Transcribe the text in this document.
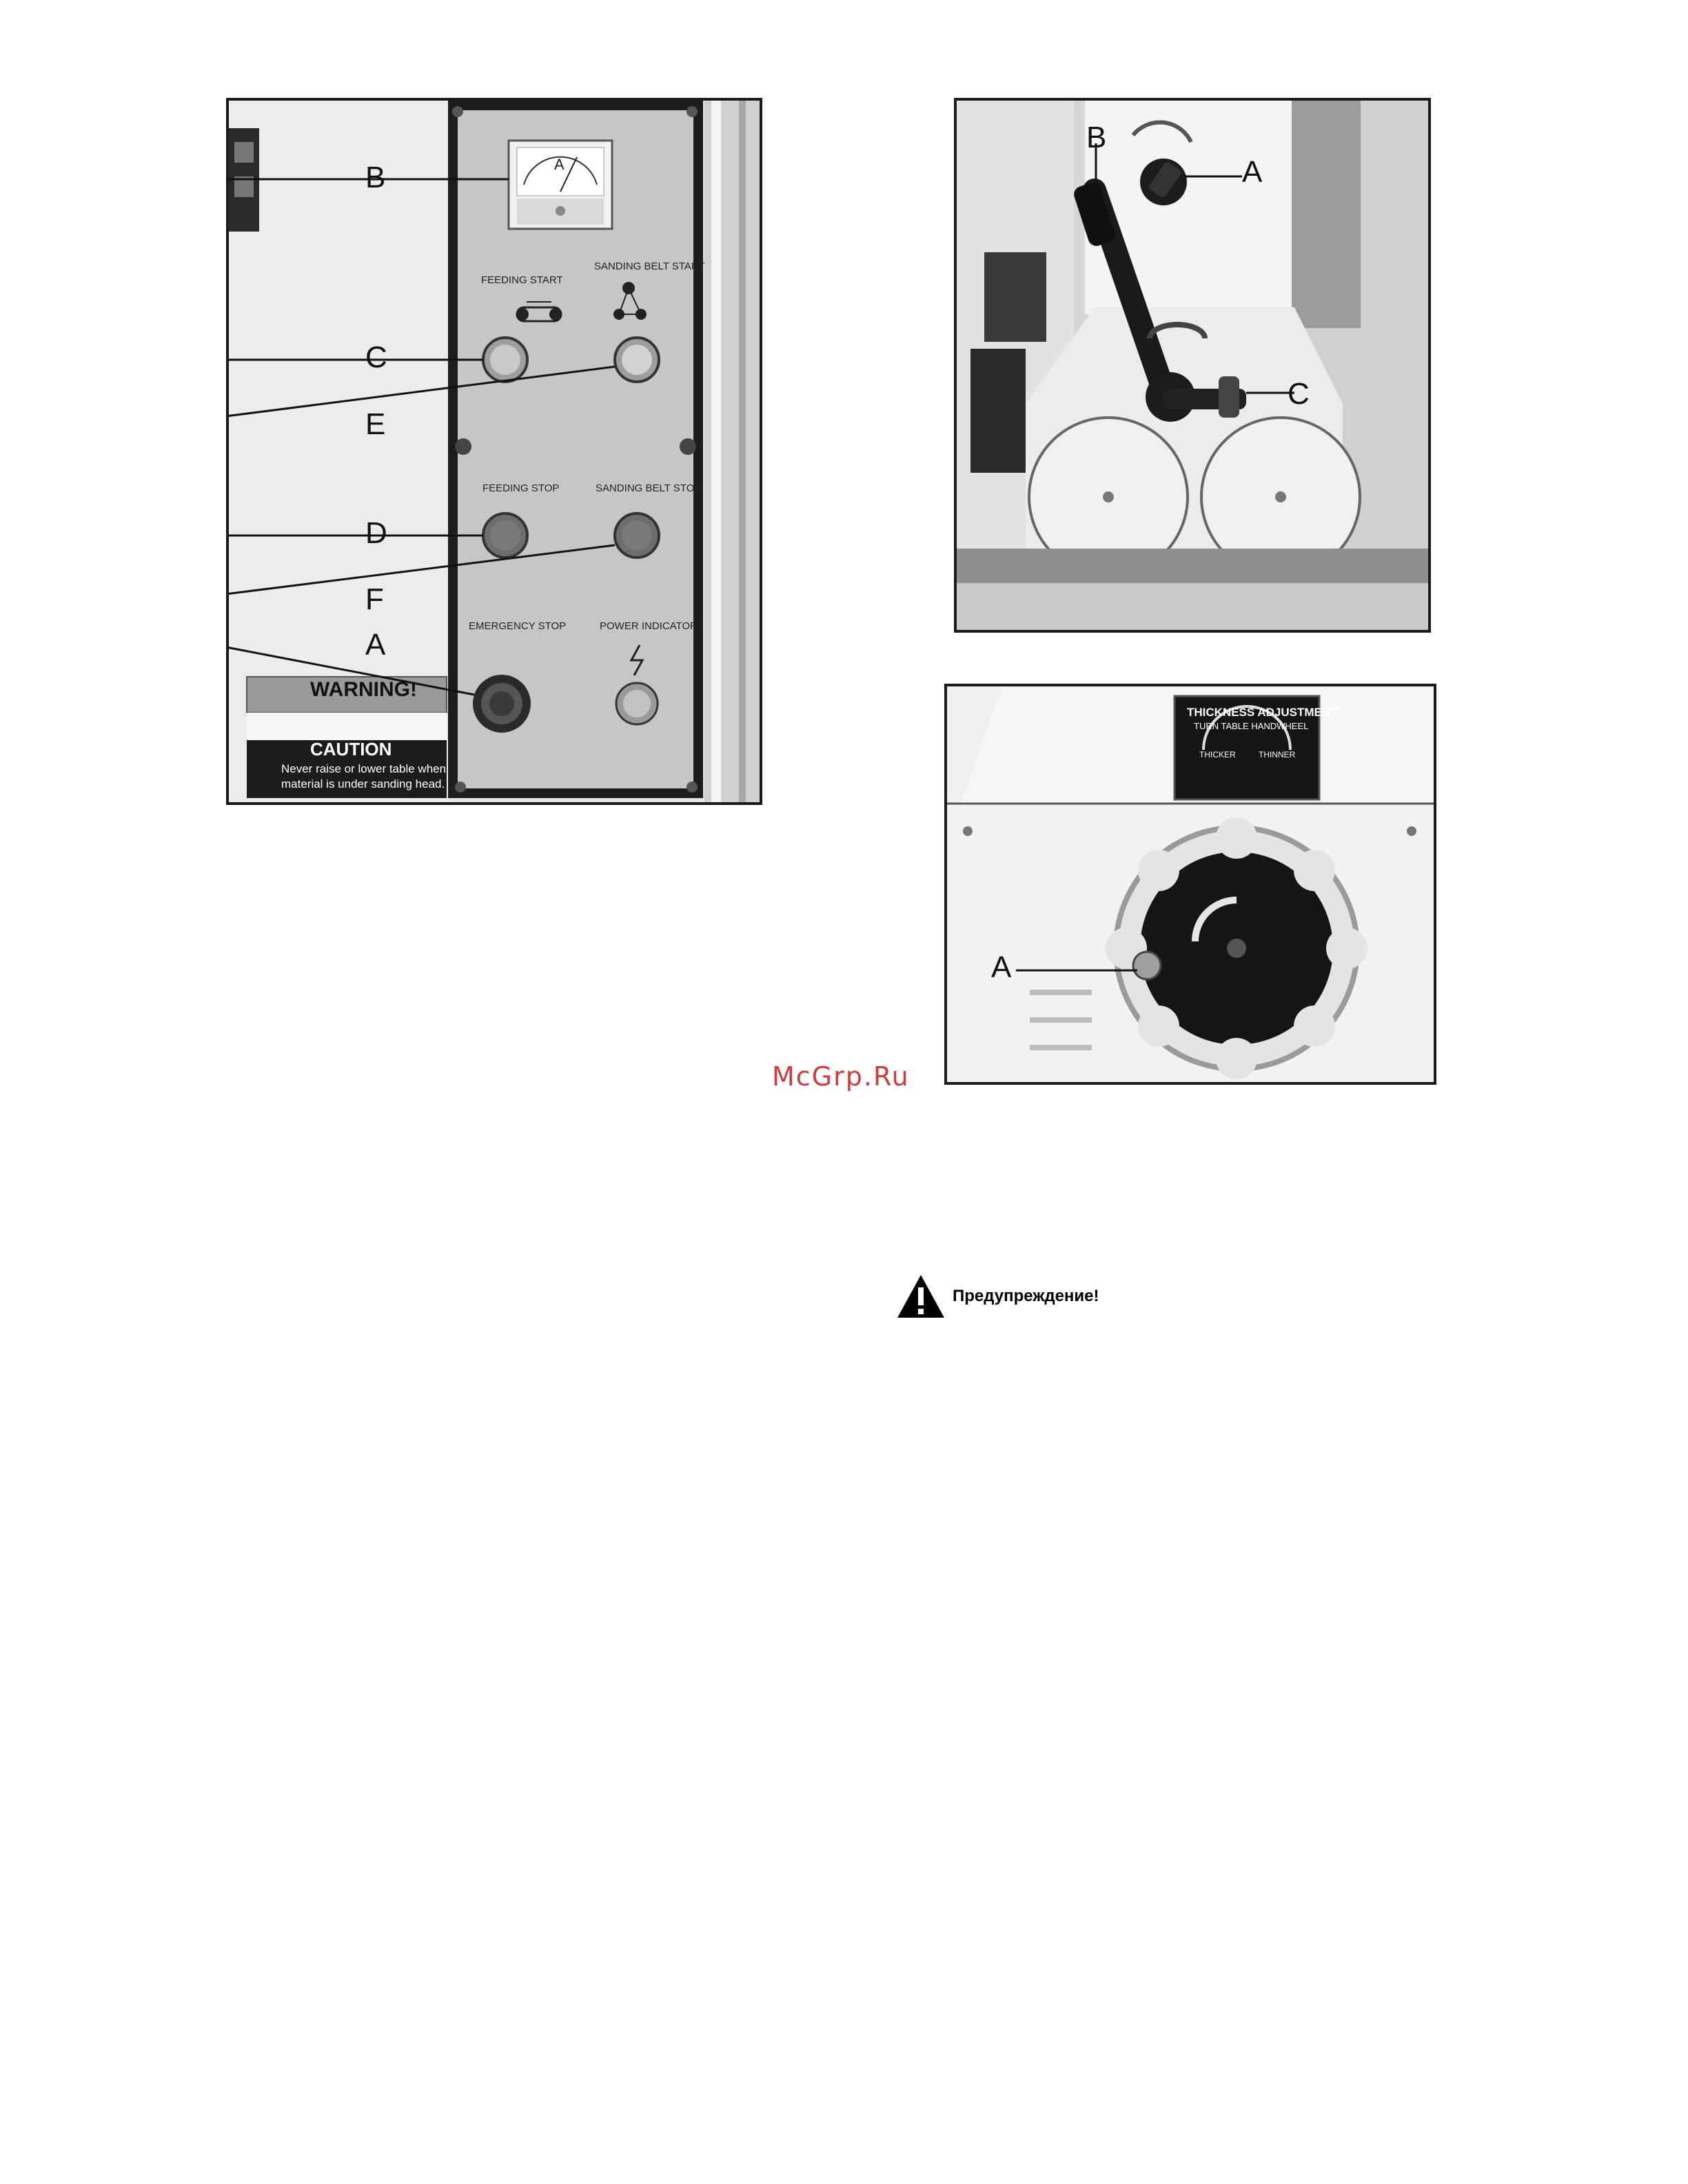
A
FEEDING START
SANDING BELT START
FEEDING STOP	SANDING BELT STOP
EMERGENCY STOP	POWER INDICATOR
WARNING!
CAUTION
Never raise or lower table when
material is under sanding head.
B
C
E
D
F
A
B
A
C
THICKNESS ADJUSTMENT
TURN TABLE HANDWHEEL
THICKER	THINNER
A
McGrp.Ru
Предупреждение!
